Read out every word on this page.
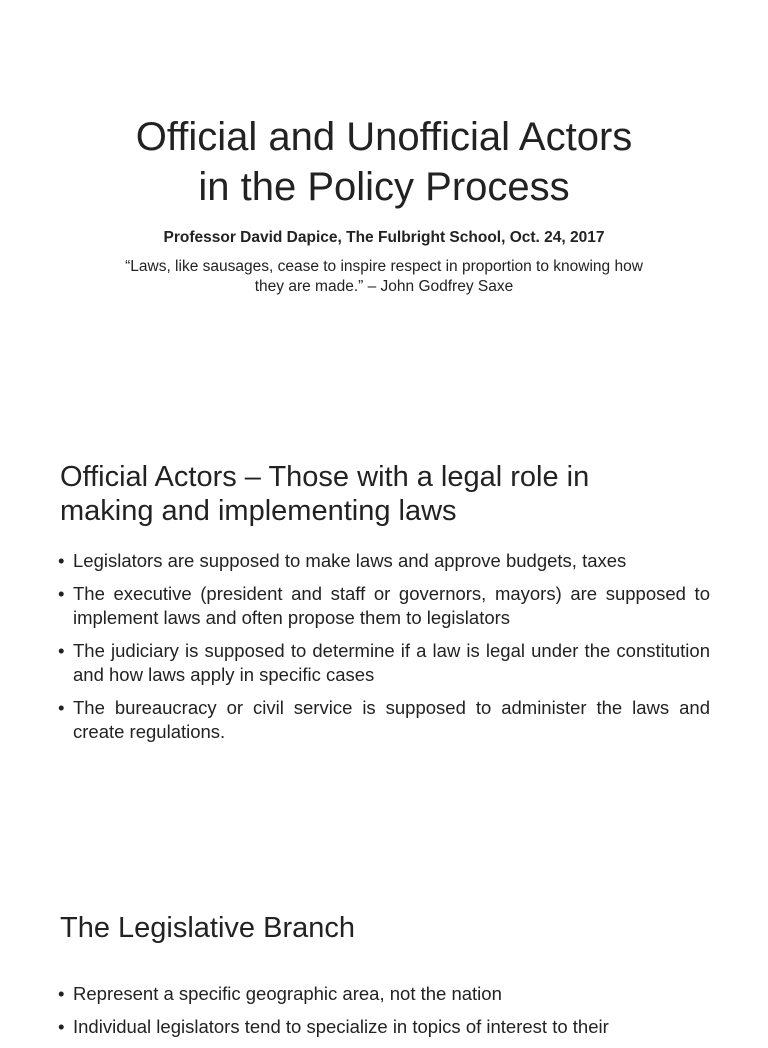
Official and Unofficial Actors
in the Policy Process
Professor David Dapice, The Fulbright School, Oct. 24, 2017
“Laws, like sausages, cease to inspire respect in proportion to knowing how they are made.” – John Godfrey Saxe
Official Actors – Those with a legal role in making and implementing laws
• Legislators are supposed to make laws and approve budgets, taxes
• The executive (president and staff or governors, mayors) are supposed to implement laws and often propose them to legislators
• The judiciary is supposed to determine if a law is legal under the constitution and how laws apply in specific cases
• The bureaucracy or civil service is supposed to administer the laws and create regulations.
The Legislative Branch
• Represent a specific geographic area, not the nation
• Individual legislators tend to specialize in topics of interest to their
